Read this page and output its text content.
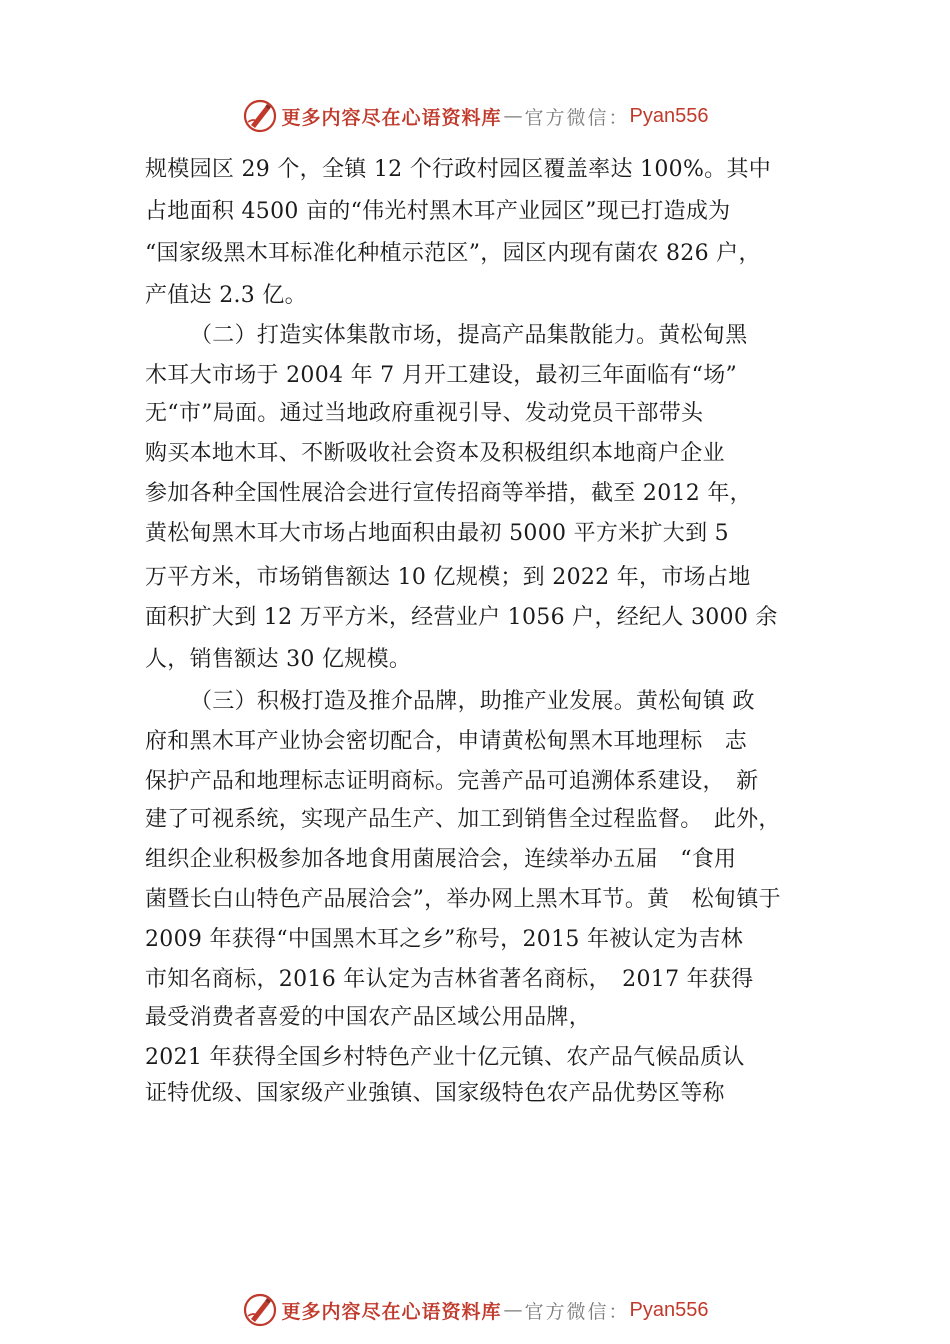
更多内容尽在心语资料库 — 官方微信： Pyan556
规模园区 29 个，全镇 12 个行政村园区覆盖率达 100%。其中
占地面积 4500 亩的“伟光村黑木耳产业园区”现已打造成为
“国家级黑木耳标准化种植示范区”，园区内现有菌农 826 户，
产值达 2.3 亿。
（二）打造实体集散市场，提高产品集散能力。黄松甸黑
木耳大市场于 2004 年 7 月开工建设，最初三年面临有“场”
无“市”局面。通过当地政府重视引导、发动党员干部带头
购买本地木耳、不断吸收社会资本及积极组织本地商户企业
参加各种全国性展洽会进行宣传招商等举措，截至 2012 年，
黄松甸黑木耳大市场占地面积由最初 5000 平方米扩大到 5
万平方米，市场销售额达 10 亿规模；到 2022 年，市场占地
面积扩大到 12 万平方米，经营业户 1056 户，经纪人 3000 余
人，销售额达 30 亿规模。
（三）积极打造及推介品牌，助推产业发展。黄松甸镇 政
府和黑木耳产业协会密切配合，申请黄松甸黑木耳地理标　志
保护产品和地理标志证明商标。完善产品可追溯体系建设，　新
建了可视系统，实现产品生产、加工到销售全过程监督。　此外，
组织企业积极参加各地食用菌展洽会，连续举办五届　“食用
菌暨长白山特色产品展洽会”，举办网上黑木耳节。黄　松甸镇于
2009 年获得“中国黑木耳之乡”称号，2015 年被认定为吉林
市知名商标，2016 年认定为吉林省著名商标，　2017 年获得
最受消费者喜爱的中国农产品区域公用品牌，
2021 年获得全国乡村特色产业十亿元镇、农产品气候品质认
证特优级、国家级产业強镇、国家级特色农产品优势区等称
更多内容尽在心语资料库 — 官方微信： Pyan556
